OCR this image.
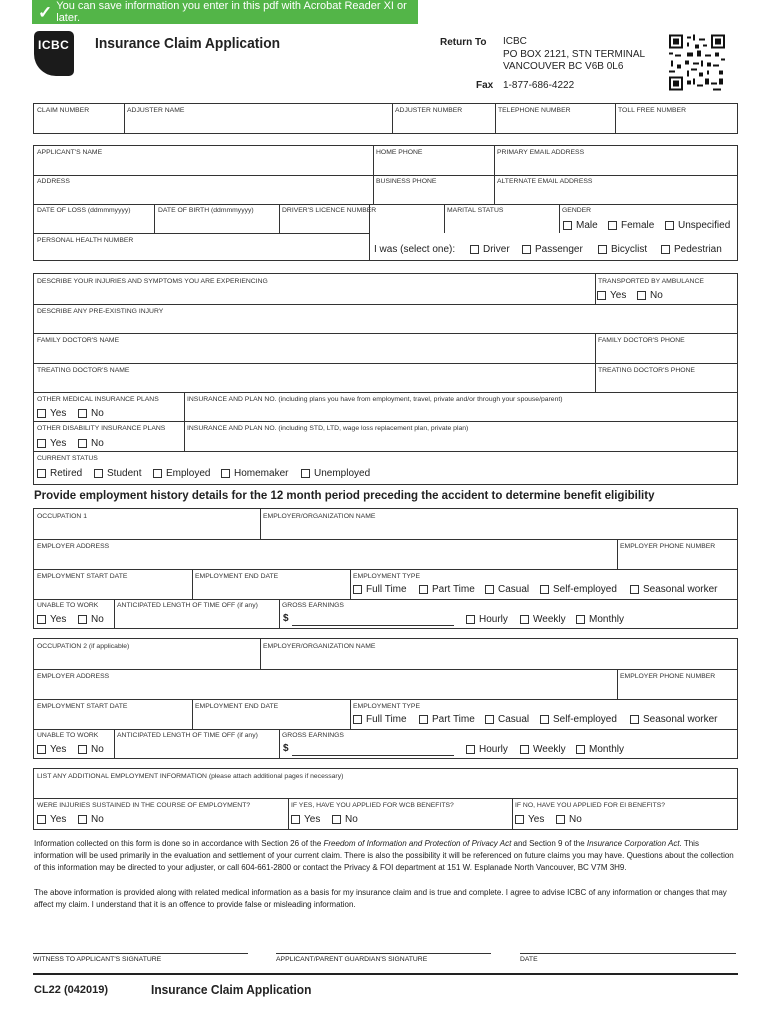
✓ You can save information you enter in this pdf with Acrobat Reader XI or later.
ICBC	Insurance Claim Application	Return To ICBC
PO BOX 2121, STN TERMINAL
VANCOUVER BC V6B 0L6
Fax 1-877-686-4222
CLAIM NUMBER	ADJUSTER NAME	ADJUSTER NUMBER	TELEPHONE NUMBER	TOLL FREE NUMBER
APPLICANT'S NAME	HOME PHONE	PRIMARY EMAIL ADDRESS
ADDRESS	BUSINESS PHONE	ALTERNATE EMAIL ADDRESS
DATE OF LOSS (ddmmmyyyy)	DATE OF BIRTH (ddmmmyyyy)	DRIVER'S LICENCE NUMBER	MARITAL STATUS	GENDER
Male Female Unspecified
PERSONAL HEALTH NUMBER
I was (select one):	Driver	Passenger	Bicyclist	Pedestrian
DESCRIBE YOUR INJURIES AND SYMPTOMS YOU ARE EXPERIENCING	TRANSPORTED BY AMBULANCE
Yes No
DESCRIBE ANY PRE-EXISTING INJURY
FAMILY DOCTOR'S NAME	FAMILY DOCTOR'S PHONE
TREATING DOCTOR'S NAME	TREATING DOCTOR'S PHONE
OTHER MEDICAL INSURANCE PLANS	INSURANCE AND PLAN NO. (including plans you have from employment, travel, private and/or through your spouse/parent)
Yes No
OTHER DISABILITY INSURANCE PLANS	INSURANCE AND PLAN NO. (including STD, LTD, wage loss replacement plan, private plan)
Yes No
CURRENT STATUS
Retired Student Employed Homemaker	Unemployed
Provide employment history details for the 12 month period preceding the accident to determine benefit eligibility
OCCUPATION 1	EMPLOYER/ORGANIZATION NAME
EMPLOYER ADDRESS	EMPLOYER PHONE NUMBER
EMPLOYMENT START DATE	EMPLOYMENT END DATE	EMPLOYMENT TYPE
Full Time	Part Time Casual Self-employed	Seasonal worker
UNABLE TO WORK	ANTICIPATED LENGTH OF TIME OFF (if any)	GROSS EARNINGS
Yes No	$	Hourly	Weekly Monthly
OCCUPATION 2 (if applicable)	EMPLOYER/ORGANIZATION NAME
EMPLOYER ADDRESS	EMPLOYER PHONE NUMBER
EMPLOYMENT START DATE	EMPLOYMENT END DATE	EMPLOYMENT TYPE
Full Time	Part Time Casual Self-employed	Seasonal worker
UNABLE TO WORK	ANTICIPATED LENGTH OF TIME OFF (if any)	GROSS EARNINGS
Yes No	$	Hourly	Weekly Monthly
LIST ANY ADDITIONAL EMPLOYMENT INFORMATION (please attach additional pages if necessary)
WERE INJURIES SUSTAINED IN THE COURSE OF EMPLOYMENT?	IF YES, HAVE YOU APPLIED FOR WCB BENEFITS?	IF NO, HAVE YOU APPLIED FOR EI BENEFITS?
Yes No	Yes No	Yes No
Information collected on this form is done so in accordance with Section 26 of the Freedom of Information and Protection of Privacy Act and Section 9 of the Insurance Corporation Act. This information will be used primarily in the evaluation and settlement of your current claim. There is also the possibility it will be referenced on future claims you may have. Questions about the collection of this information may be directed to your adjuster, or call 604-661-2800 or contact the Privacy & FOI department at 151 W. Esplanade North Vancouver, BC V7M 3H9.
The above information is provided along with related medical information as a basis for my insurance claim and is true and complete. I agree to advise ICBC of any information or changes that may affect my claim. I understand that it is an offence to provide false or misleading information.
WITNESS TO APPLICANT'S SIGNATURE	APPLICANT/PARENT GUARDIAN'S SIGNATURE	DATE
CL22 (042019)	Insurance Claim Application
